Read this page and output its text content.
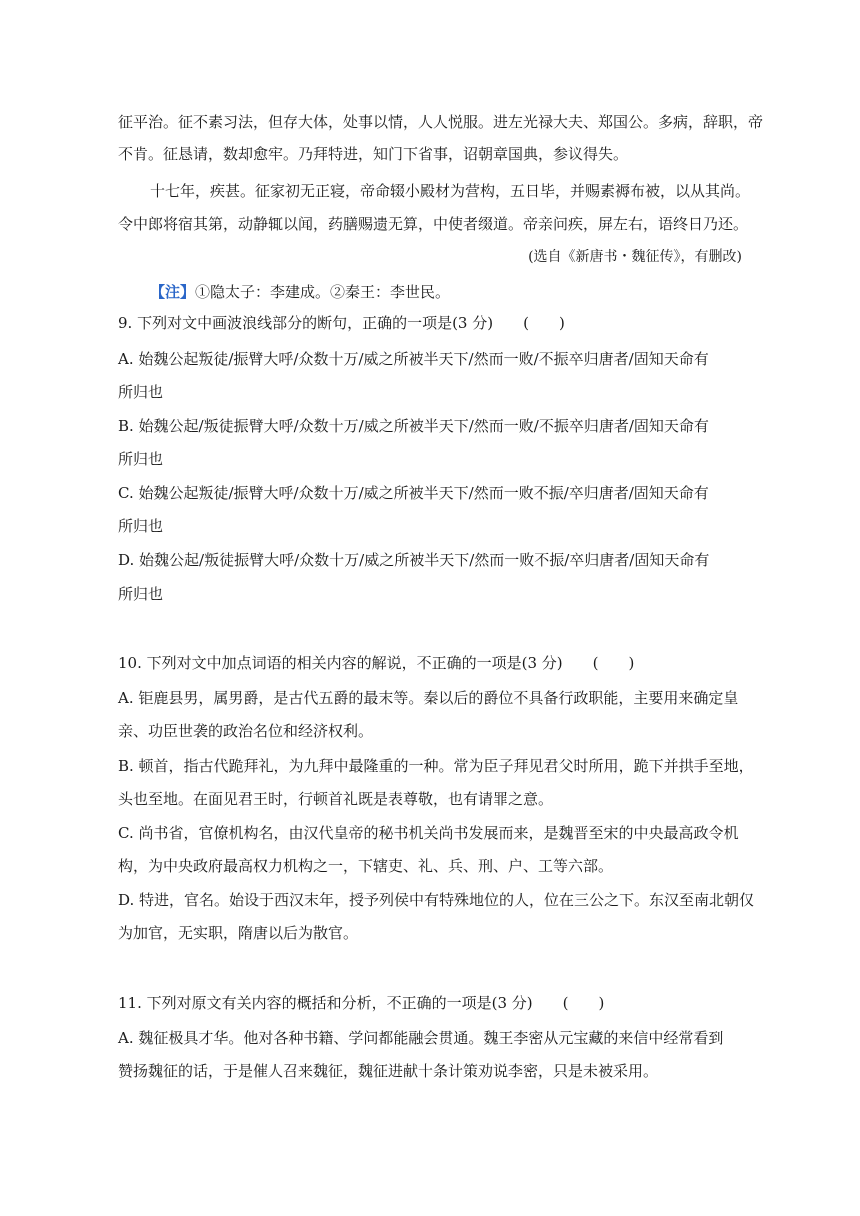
征平治。征不素习法，但存大体，处事以情，人人悦服。进左光禄大夫、郑国公。多病，辞职，帝
不肯。征恳请，数却愈牢。乃拜特进，知门下省事，诏朝章国典，参议得失。
十七年，疾甚。征家初无正寝，帝命辍小殿材为营构，五日毕，并赐素褥布被，以从其尚。
令中郎将宿其第，动静辄以闻，药膳赐遗无算，中使者缀道。帝亲问疾，屏左右，语终日乃还。
(选自《新唐书・魏征传》，有删改)
【注】①隐太子：李建成。②秦王：李世民。
9. 下列对文中画波浪线部分的断句，正确的一项是(3 分)　　(　　)
A. 始魏公起叛徒/振臂大呼/众数十万/威之所被半天下/然而一败/不振卒归唐者/固知天命有
所归也
B. 始魏公起/叛徒振臂大呼/众数十万/威之所被半天下/然而一败/不振卒归唐者/固知天命有
所归也
C. 始魏公起叛徒/振臂大呼/众数十万/威之所被半天下/然而一败不振/卒归唐者/固知天命有
所归也
D. 始魏公起/叛徒振臂大呼/众数十万/威之所被半天下/然而一败不振/卒归唐者/固知天命有
所归也
10. 下列对文中加点词语的相关内容的解说，不正确的一项是(3 分)　　(　　)
A. 钜鹿县男，属男爵，是古代五爵的最末等。秦以后的爵位不具备行政职能，主要用来确定皇
亲、功臣世袭的政治名位和经济权利。
B. 顿首，指古代跪拜礼，为九拜中最隆重的一种。常为臣子拜见君父时所用，跪下并拱手至地，
头也至地。在面见君王时，行顿首礼既是表尊敬，也有请罪之意。
C. 尚书省，官僚机构名，由汉代皇帝的秘书机关尚书发展而来，是魏晋至宋的中央最高政令机
构，为中央政府最高权力机构之一，下辖吏、礼、兵、刑、户、工等六部。
D. 特进，官名。始设于西汉末年，授予列侯中有特殊地位的人，位在三公之下。东汉至南北朝仅
为加官，无实职，隋唐以后为散官。
11. 下列对原文有关内容的概括和分析，不正确的一项是(3 分)　　(　　)
A. 魏征极具才华。他对各种书籍、学问都能融会贯通。魏王李密从元宝藏的来信中经常看到
赞扬魏征的话，于是催人召来魏征，魏征进献十条计策劝说李密，只是未被采用。
